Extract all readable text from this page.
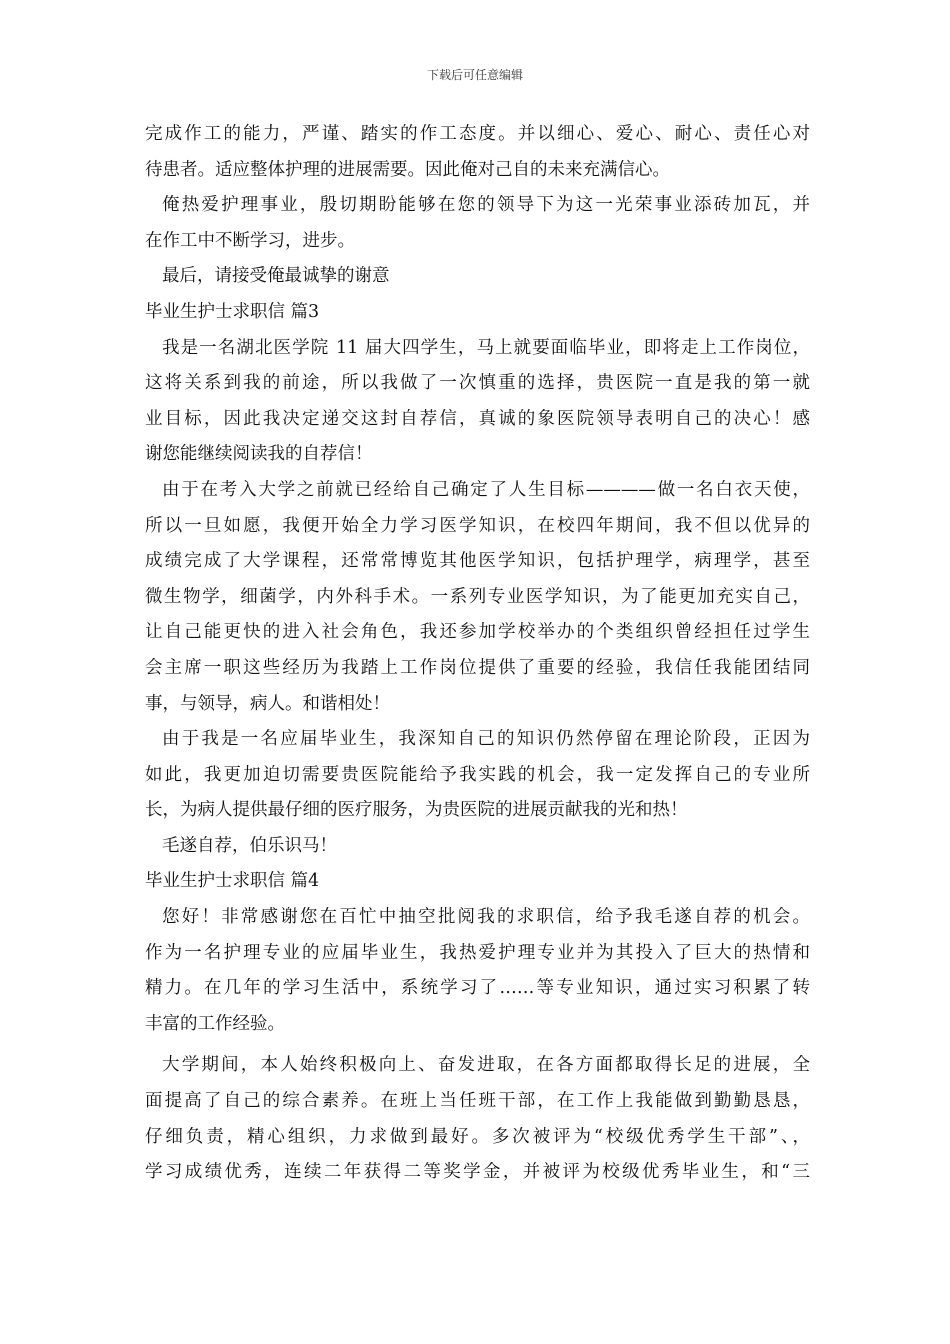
下载后可任意编辑
完成作工的能力，严谨、踏实的作工态度。并以细心、爱心、耐心、责任心对
待患者。适应整体护理的进展需要。因此俺对己自的未来充满信心。
俺热爱护理事业，殷切期盼能够在您的领导下为这一光荣事业添砖加瓦，并
在作工中不断学习，进步。
最后，请接受俺最诚挚的谢意
毕业生护士求职信 篇3
我是一名湖北医学院 11 届大四学生，马上就要面临毕业，即将走上工作岗位，
这将关系到我的前途，所以我做了一次慎重的选择，贵医院一直是我的第一就
业目标，因此我决定递交这封自荐信，真诚的象医院领导表明自己的决心！感
谢您能继续阅读我的自荐信！
由于在考入大学之前就已经给自己确定了人生目标————做一名白衣天使，
所以一旦如愿，我便开始全力学习医学知识，在校四年期间，我不但以优异的
成绩完成了大学课程，还常常博览其他医学知识，包括护理学，病理学，甚至
微生物学，细菌学，内外科手术。一系列专业医学知识，为了能更加充实自己，
让自己能更快的进入社会角色，我还参加学校举办的个类组织曾经担任过学生
会主席一职这些经历为我踏上工作岗位提供了重要的经验，我信任我能团结同
事，与领导，病人。和谐相处！
由于我是一名应届毕业生，我深知自己的知识仍然停留在理论阶段，正因为
如此，我更加迫切需要贵医院能给予我实践的机会，我一定发挥自己的专业所
长，为病人提供最仔细的医疗服务，为贵医院的进展贡献我的光和热！
毛遂自荐，伯乐识马！
毕业生护士求职信 篇4
您好！非常感谢您在百忙中抽空批阅我的求职信，给予我毛遂自荐的机会。
作为一名护理专业的应届毕业生，我热爱护理专业并为其投入了巨大的热情和
精力。在几年的学习生活中，系统学习了……等专业知识，通过实习积累了转
丰富的工作经验。
大学期间，本人始终积极向上、奋发进取，在各方面都取得长足的进展，全
面提高了自己的综合素养。在班上当任班干部，在工作上我能做到勤勤恳恳，
仔细负责，精心组织，力求做到最好。多次被评为“校级优秀学生干部”、，
学习成绩优秀，连续二年获得二等奖学金，并被评为校级优秀毕业生，和“三
